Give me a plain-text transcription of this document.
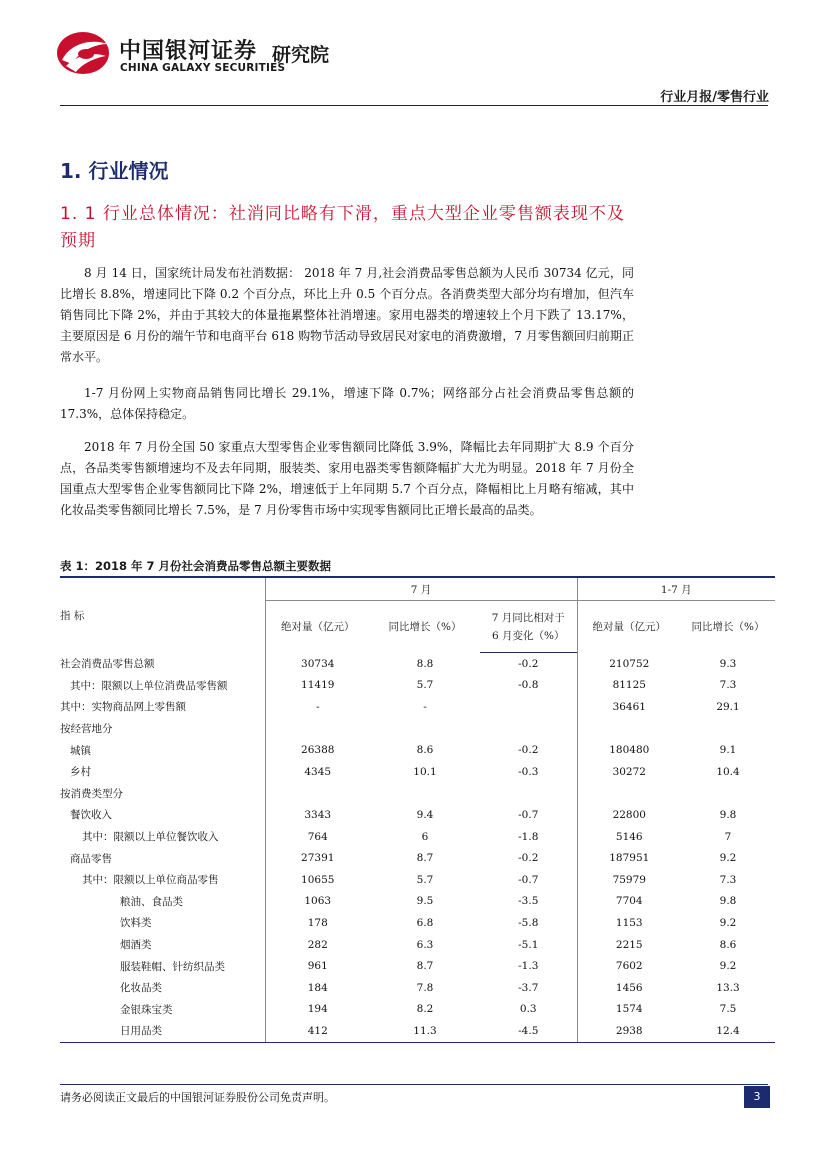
中国银河证券
CHINA GALAXY SECURITIES
研究院
行业月报/零售行业
1. 行业情况
1. 1 行业总体情况：社消同比略有下滑，重点大型企业零售额表现不及预期

8 月 14 日，国家统计局发布社消数据： 2018 年 7 月,社会消费品零售总额为人民币 30734 亿元，同比增长 8.8%，增速同比下降 0.2 个百分点，环比上升 0.5 个百分点。各消费类型大部分均有增加，但汽车销售同比下降 2%，并由于其较大的体量拖累整体社消增速。家用电器类的增速较上个月下跌了 13.17%，主要原因是 6 月份的端午节和电商平台 618 购物节活动导致居民对家电的消费激增，7 月零售额回归前期正常水平。

1-7 月份网上实物商品销售同比增长 29.1%，增速下降 0.7%；网络部分占社会消费品零售总额的 17.3%，总体保持稳定。

2018 年 7 月份全国 50 家重点大型零售企业零售额同比降低 3.9%，降幅比去年同期扩大 8.9 个百分点，各品类零售额增速均不及去年同期，服装类、家用电器类零售额降幅扩大尤为明显。2018 年 7 月份全国重点大型零售企业零售额同比下降 2%，增速低于上年同期 5.7 个百分点，降幅相比上月略有缩减，其中化妆品类零售额同比增长 7.5%，是 7 月份零售市场中实现零售额同比正增长最高的品类。

表 1：2018 年 7 月份社会消费品零售总额主要数据
指 标	7 月			1-7 月	
	绝对量（亿元）	同比增长（%）	7 月同比相对于	绝对量（亿元）	同比增长（%）
			6 月变化（%）		
社会消费品零售总额	30734	8.8	-0.2	210752	9.3
其中：限额以上单位消费品零售额	11419	5.7	-0.8	81125	7.3
其中：实物商品网上零售额	-	-		36461	29.1
按经营地分					
城镇	26388	8.6	-0.2	180480	9.1
乡村	4345	10.1	-0.3	30272	10.4
按消费类型分					
餐饮收入	3343	9.4	-0.7	22800	9.8
其中：限额以上单位餐饮收入	764	6	-1.8	5146	7
商品零售	27391	8.7	-0.2	187951	9.2
其中：限额以上单位商品零售	10655	5.7	-0.7	75979	7.3
粮油、食品类	1063	9.5	-3.5	7704	9.8
饮料类	178	6.8	-5.8	1153	9.2
烟酒类	282	6.3	-5.1	2215	8.6
服装鞋帽、针纺织品类	961	8.7	-1.3	7602	9.2
化妆品类	184	7.8	-3.7	1456	13.3
金银珠宝类	194	8.2	0.3	1574	7.5
日用品类	412	11.3	-4.5	2938	12.4
请务必阅读正文最后的中国银河证券股份公司免责声明。	3
